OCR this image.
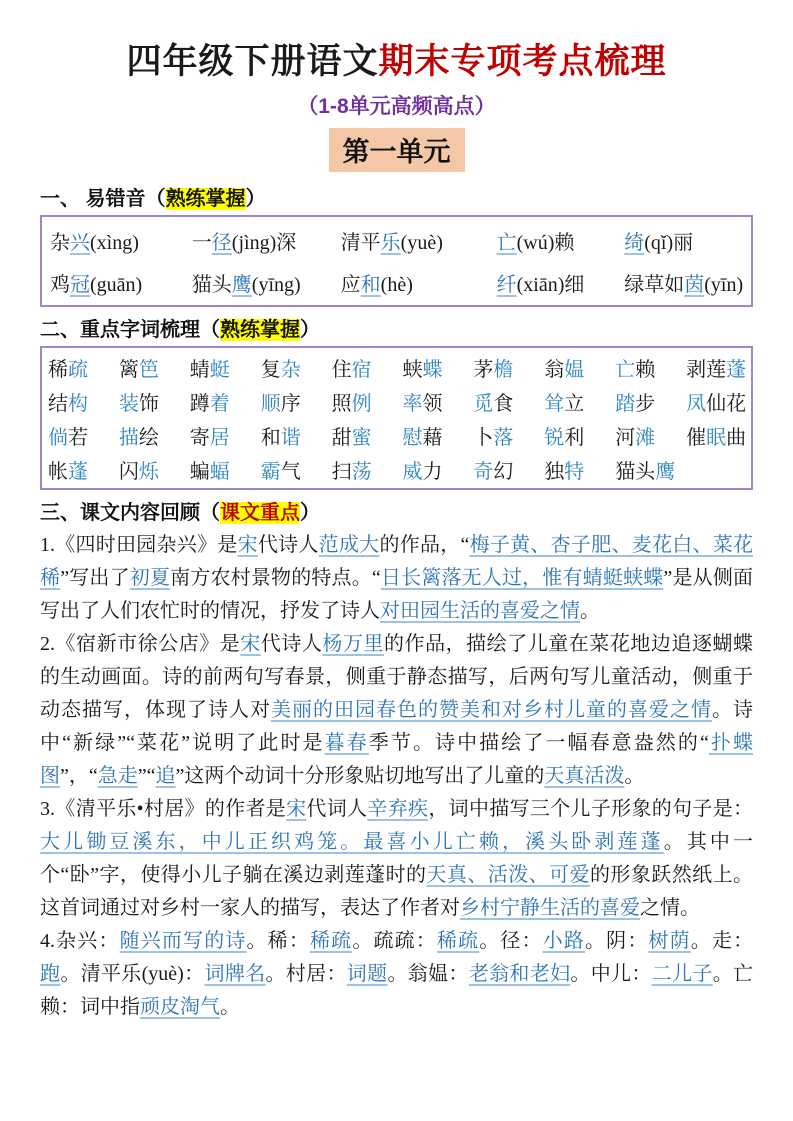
四年级下册语文期末专项考点梳理
（1-8单元高频高点）
第一单元
一、 易错音（熟练掌握）
杂兴(xìng)	一径(jìng)深	清平乐(yuè)	亡(wú)赖	绮(qǐ)丽
鸡冠(guān)	猫头鹰(yīng)	应和(hè)	纤(xiān)细	绿草如茵(yīn)
二、重点字词梳理（熟练掌握）
稀疏	篱笆	蜻蜓	复杂	住宿	蛱蝶	茅檐	翁媪	亡赖	剥莲蓬
结构	装饰	蹲着	顺序	照例	率领	觅食	耸立	踏步	凤仙花
倘若	描绘	寄居	和谐	甜蜜	慰藉	卜落	锐利	河滩	催眠曲
帐蓬	闪烁	蝙蝠	霸气	扫荡	威力	奇幻	独特	猫头鹰
三、课文内容回顾（课文重点）

1.《四时田园杂兴》是宋代诗人范成大的作品，“梅子黄、杏子肥、麦花白、菜花稀”写出了初夏南方农村景物的特点。“日长篱落无人过，惟有蜻蜓蛱蝶”是从侧面写出了人们农忙时的情况，抒发了诗人对田园生活的喜爱之情。

2.《宿新市徐公店》是宋代诗人杨万里的作品，描绘了儿童在菜花地边追逐蝴蝶的生动画面。诗的前两句写春景，侧重于静态描写，后两句写儿童活动，侧重于动态描写，体现了诗人对美丽的田园春色的赞美和对乡村儿童的喜爱之情。诗中“新绿”“菜花”说明了此时是暮春季节。诗中描绘了一幅春意盎然的“扑蝶图”，“急走”“追”这两个动词十分形象贴切地写出了儿童的天真活泼。

3.《清平乐•村居》的作者是宋代词人辛弃疾，词中描写三个儿子形象的句子是：大儿锄豆溪东，中儿正织鸡笼。最喜小儿亡赖，溪头卧剥莲蓬。其中一个“卧”字，使得小儿子躺在溪边剥莲蓬时的天真、活泼、可爱的形象跃然纸上。这首词通过对乡村一家人的描写，表达了作者对乡村宁静生活的喜爱之情。

4.杂兴：随兴而写的诗。稀：稀疏。疏疏：稀疏。径：小路。阴：树荫。走：跑。清平乐(yuè)：词牌名。村居：词题。翁媪：老翁和老妇。中儿：二儿子。亡赖：词中指顽皮淘气。
